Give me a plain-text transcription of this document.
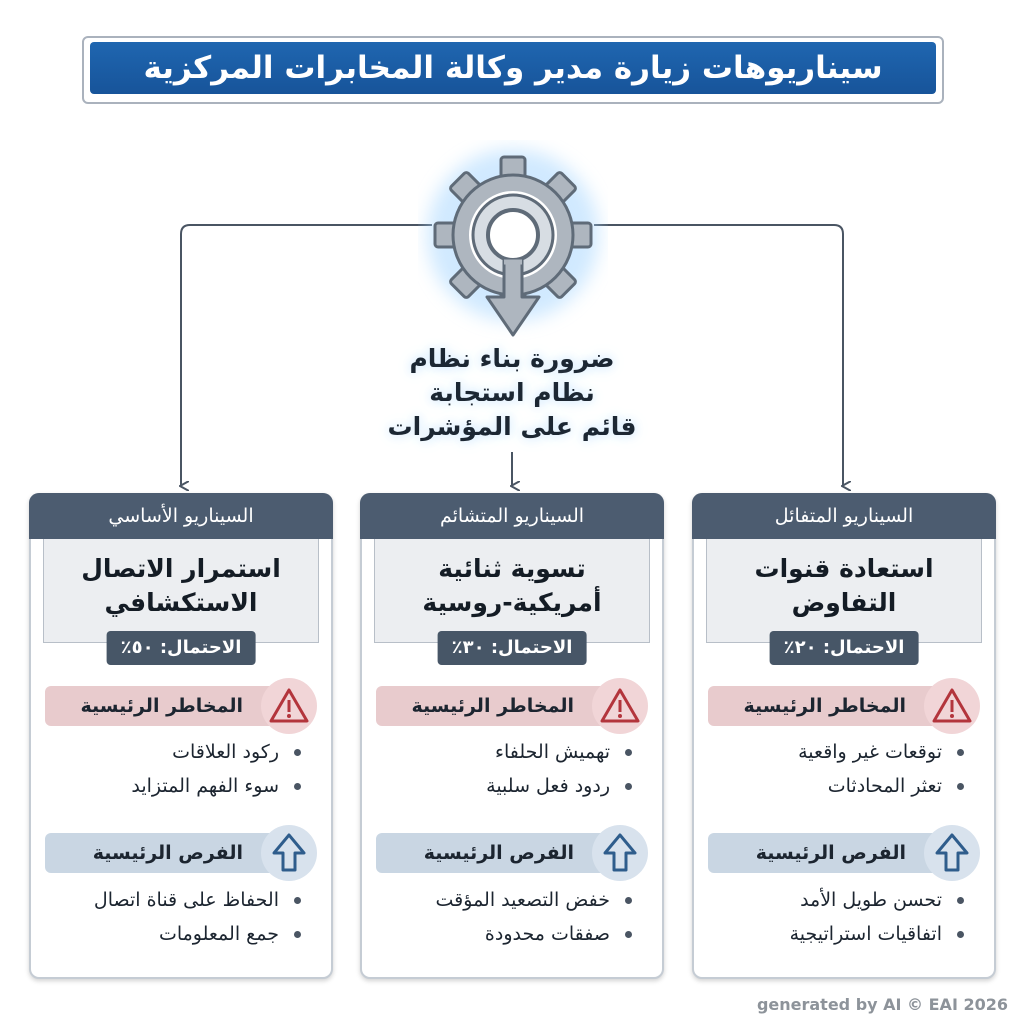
سيناريوهات زيارة مدير وكالة المخابرات المركزية
ضرورة بناء نظام
نظام استجابة
قائم على المؤشرات
السيناريو الأساسي
استمرار الاتصال
الاستكشافي
الاحتمال: ٥٠٪
المخاطر الرئيسية
ركود العلاقات
سوء الفهم المتزايد
الفرص الرئيسية
الحفاظ على قناة اتصال
جمع المعلومات
السيناريو المتشائم
تسوية ثنائية
أمريكية-روسية
الاحتمال: ٣٠٪
المخاطر الرئيسية
تهميش الحلفاء
ردود فعل سلبية
الفرص الرئيسية
خفض التصعيد المؤقت
صفقات محدودة
السيناريو المتفائل
استعادة قنوات
التفاوض
الاحتمال: ٢٠٪
المخاطر الرئيسية
توقعات غير واقعية
تعثر المحادثات
الفرص الرئيسية
تحسن طويل الأمد
اتفاقيات استراتيجية
generated by AI © EAI 2026
